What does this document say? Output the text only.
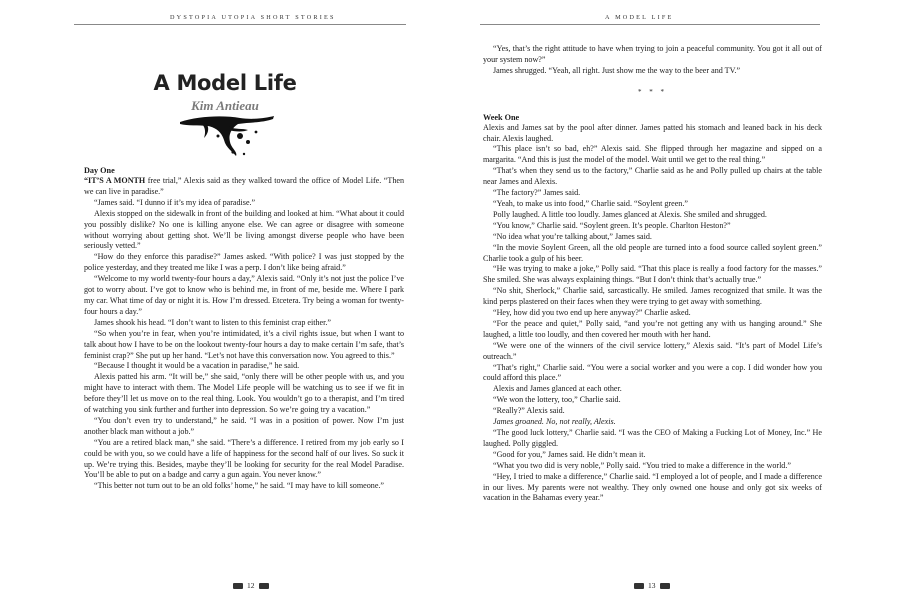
DYSTOPIA UTOPIA SHORT STORIES
A Model Life
Kim Antieau
Day One

“IT’S A MONTH free trial,” Alexis said as they walked toward the office of Model Life. “Then we can live in paradise.”

“James said. “I dunno if it’s my idea of paradise.”

Alexis stopped on the sidewalk in front of the building and looked at him. “What about it could you possibly dislike? No one is killing anyone else. We can agree or disagree with someone without worrying about getting shot. We’ll be living amongst diverse people who have been seriously vetted.”

“How do they enforce this paradise?” James asked. “With police? I was just stopped by the police yesterday, and they treated me like I was a perp. I don’t like being afraid.”

“Welcome to my world twenty-four hours a day,” Alexis said. “Only it’s not just the police I’ve got to worry about. I’ve got to know who is behind me, in front of me, beside me. Where I park my car. What time of day or night it is. How I’m dressed. Etcetera. Try being a woman for twenty-four hours a day.”

James shook his head. “I don’t want to listen to this feminist crap either.”

“So when you’re in fear, when you’re intimidated, it’s a civil rights issue, but when I want to talk about how I have to be on the lookout twenty-four hours a day to make certain I’m safe, that’s feminist crap?” She put up her hand. “Let’s not have this conversation now. You agreed to this.”

“Because I thought it would be a vacation in paradise,” he said.

Alexis patted his arm. “It will be,” she said, “only there will be other people with us, and you might have to interact with them. The Model Life people will be watching us to see if we fit in before they’ll let us move on to the real thing. Look. You wouldn’t go to a therapist, and I’m tired of watching you sink further and further into depression. So we’re going try a vacation.”

“You don’t even try to understand,” he said. “I was in a position of power. Now I’m just another black man without a job.”

“You are a retired black man,” she said. “There’s a difference. I retired from my job early so I could be with you, so we could have a life of happiness for the second half of our lives. So suck it up. We’re trying this. Besides, maybe they’ll be looking for security for the real Model Paradise. You’ll be able to put on a badge and carry a gun again. You never know.”

“This better not turn out to be an old folks’ home,” he said. “I may have to kill someone.”

12
A MODEL LIFE

“Yes, that’s the right attitude to have when trying to join a peaceful community. You got it all out of your system now?”

James shrugged. “Yeah, all right. Just show me the way to the beer and TV.”

* * *

Week One

Alexis and James sat by the pool after dinner. James patted his stomach and leaned back in his deck chair. Alexis laughed.

“This place isn’t so bad, eh?” Alexis said. She flipped through her magazine and sipped on a margarita. “And this is just the model of the model. Wait until we get to the real thing.”

“That’s when they send us to the factory,” Charlie said as he and Polly pulled up chairs at the table near James and Alexis.

“The factory?” James said.

“Yeah, to make us into food,” Charlie said. “Soylent green.”

Polly laughed. A little too loudly. James glanced at Alexis. She smiled and shrugged.

“You know,” Charlie said. “Soylent green. It’s people. Charlton Heston?”

“No idea what you’re talking about,” James said.

“In the movie Soylent Green, all the old people are turned into a food source called soylent green.” Charlie took a gulp of his beer.

“He was trying to make a joke,” Polly said. “That this place is really a food factory for the masses.” She smiled. She was always explaining things. “But I don’t think that’s actually true.”

“No shit, Sherlock,” Charlie said, sarcastically. He smiled. James recognized that smile. It was the kind perps plastered on their faces when they were trying to get away with something.

“Hey, how did you two end up here anyway?” Charlie asked.

“For the peace and quiet,” Polly said, “and you’re not getting any with us hanging around.” She laughed, a little too loudly, and then covered her mouth with her hand.

“We were one of the winners of the civil service lottery,” Alexis said. “It’s part of Model Life’s outreach.”

“That’s right,” Charlie said. “You were a social worker and you were a cop. I did wonder how you could afford this place.”

Alexis and James glanced at each other.

“We won the lottery, too,” Charlie said.

“Really?” Alexis said.

James groaned. No, not really, Alexis.

“The good luck lottery,” Charlie said. “I was the CEO of Making a Fucking Lot of Money, Inc.” He laughed. Polly giggled.

“Good for you,” James said. He didn’t mean it.

“What you two did is very noble,” Polly said. “You tried to make a difference in the world.”

“Hey, I tried to make a difference,” Charlie said. “I employed a lot of people, and I made a difference in our lives. My parents were not wealthy. They only owned one house and only got six weeks of vacation in the Bahamas every year.”

13
